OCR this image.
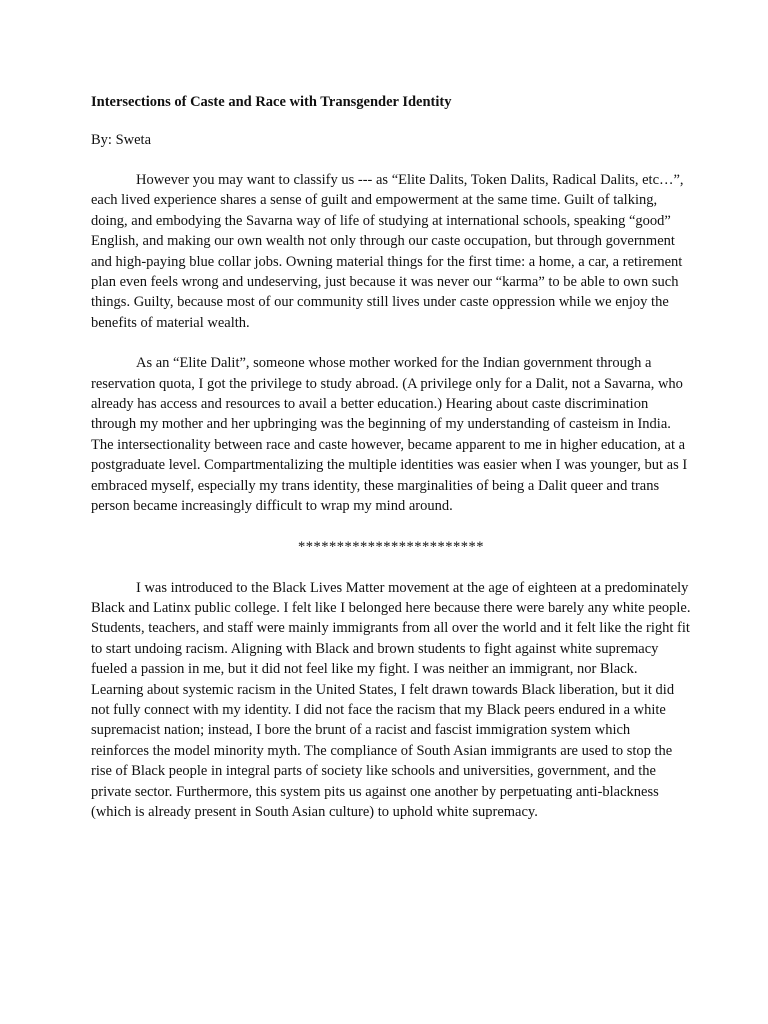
Intersections of Caste and Race with Transgender Identity
By: Sweta

However you may want to classify us --- as “Elite Dalits, Token Dalits, Radical Dalits, etc…”, each lived experience shares a sense of guilt and empowerment at the same time. Guilt of talking, doing, and embodying the Savarna way of life of studying at international schools, speaking “good” English, and making our own wealth not only through our caste occupation, but through government and high-paying blue collar jobs. Owning material things for the first time: a home, a car, a retirement plan even feels wrong and undeserving, just because it was never our “karma” to be able to own such things. Guilty, because most of our community still lives under caste oppression while we enjoy the benefits of material wealth.

As an “Elite Dalit”, someone whose mother worked for the Indian government through a reservation quota, I got the privilege to study abroad. (A privilege only for a Dalit, not a Savarna, who already has access and resources to avail a better education.) Hearing about caste discrimination through my mother and her upbringing was the beginning of my understanding of casteism in India. The intersectionality between race and caste however, became apparent to me in higher education, at a postgraduate level. Compartmentalizing the multiple identities was easier when I was younger, but as I embraced myself, especially my trans identity, these marginalities of being a Dalit queer and trans person became increasingly difficult to wrap my mind around.

************************

I was introduced to the Black Lives Matter movement at the age of eighteen at a predominately Black and Latinx public college. I felt like I belonged here because there were barely any white people. Students, teachers, and staff were mainly immigrants from all over the world and it felt like the right fit to start undoing racism. Aligning with Black and brown students to fight against white supremacy fueled a passion in me, but it did not feel like my fight. I was neither an immigrant, nor Black. Learning about systemic racism in the United States, I felt drawn towards Black liberation, but it did not fully connect with my identity. I did not face the racism that my Black peers endured in a white supremacist nation; instead, I bore the brunt of a racist and fascist immigration system which reinforces the model minority myth. The compliance of South Asian immigrants are used to stop the rise of Black people in integral parts of society like schools and universities, government, and the private sector. Furthermore, this system pits us against one another by perpetuating anti-blackness (which is already present in South Asian culture) to uphold white supremacy.
